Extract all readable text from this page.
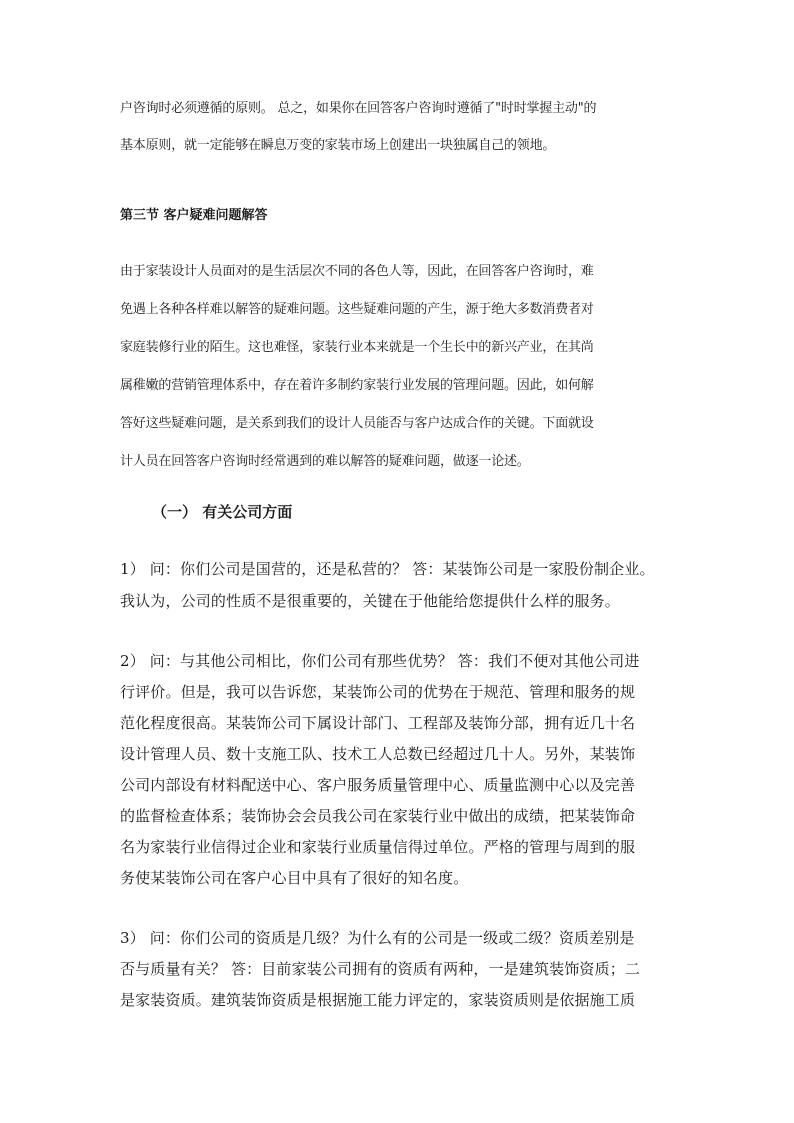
户咨询时必须遵循的原则。 总之，如果你在回答客户咨询时遵循了"时时掌握主动"的
基本原则，就一定能够在瞬息万变的家装市场上创建出一块独属自己的领地。
第三节 客户疑难问题解答
由于家装设计人员面对的是生活层次不同的各色人等，因此，在回答客户咨询时，难
免遇上各种各样难以解答的疑难问题。这些疑难问题的产生，源于绝大多数消费者对
家庭装修行业的陌生。这也难怪，家装行业本来就是一个生长中的新兴产业，在其尚
属稚嫩的营销管理体系中，存在着许多制约家装行业发展的管理问题。因此，如何解
答好这些疑难问题，是关系到我们的设计人员能否与客户达成合作的关键。下面就设
计人员在回答客户咨询时经常遇到的难以解答的疑难问题，做逐一论述。
（一） 有关公司方面
1） 问：你们公司是国营的，还是私营的？ 答：某装饰公司是一家股份制企业。
我认为，公司的性质不是很重要的，关键在于他能给您提供什么样的服务。
2） 问：与其他公司相比，你们公司有那些优势？ 答：我们不便对其他公司进
行评价。但是，我可以告诉您，某装饰公司的优势在于规范、管理和服务的规
范化程度很高。某装饰公司下属设计部门、工程部及装饰分部，拥有近几十名
设计管理人员、数十支施工队、技术工人总数已经超过几十人。另外，某装饰
公司内部设有材料配送中心、客户服务质量管理中心、质量监测中心以及完善
的监督检查体系；装饰协会会员我公司在家装行业中做出的成绩，把某装饰命
名为家装行业信得过企业和家装行业质量信得过单位。严格的管理与周到的服
务使某装饰公司在客户心目中具有了很好的知名度。
3） 问：你们公司的资质是几级？为什么有的公司是一级或二级？资质差别是
否与质量有关？ 答：目前家装公司拥有的资质有两种，一是建筑装饰资质；二
是家装资质。建筑装饰资质是根据施工能力评定的，家装资质则是依据施工质
